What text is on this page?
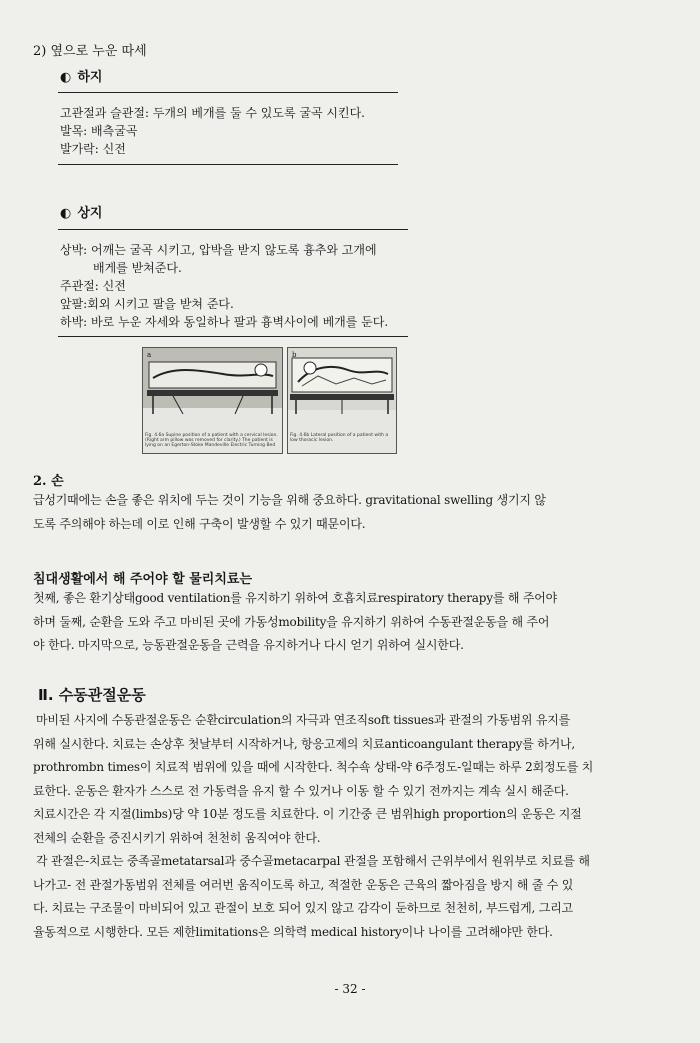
2) 옆으로 누운 따세

◐ 하지

고관절과 슬관절: 두개의 베개를 둘 수 있도록 굴곡 시킨다.

발목: 배측굴곡

발가락: 신전

◐ 상지

상박: 어깨는 굴곡 시키고, 압박을 받지 않도록 흉추와 고개에

배게를 받쳐준다.

주관절: 신전

앞팔:회외 시키고 팔을 받쳐 준다.

하박: 바로 누운 자세와 동일하나 팔과 흉벽사이에 베개를 둔다.

a
Fig. 4.6a Supine position of a patient with a cervical lesion. (Right arm pillow was removed for clarity.) The patient is lying on an Egerton-Stoke Mandeville Electric Turning Bed
b
Fig. 4.6b Lateral position of a patient with a low thoracic lesion.

2. 손

급성기때에는 손을 좋은 위치에 두는 것이 기능을 위해 중요하다. gravitational swelling 생기지 않

도록 주의해야 하는데 이로 인해 구축이 발생할 수 있기 때문이다.

침대생활에서 해 주어야 할 물리치료는

첫째, 좋은 환기상태good ventilation를 유지하기 위하여 호흡치료respiratory therapy를 해 주어야

하며 둘째, 순환을 도와 주고 마비된 곳에 가동성mobility을 유지하기 위하여 수동관절운동을 해 주어

야 한다. 마지막으로, 능동관절운동을 근력을 유지하거나 다시 얻기 위하여 실시한다.

Ⅱ. 수동관절운동

마비된 사지에 수동관절운동은 순환circulation의 자극과 연조직soft tissues과 관절의 가동범위 유지를

위해 실시한다. 치료는 손상후 첫날부터 시작하거나, 항응고제의 치료anticoangulant therapy를 하거나,

prothrombn times이 치료적 범위에 있을 때에 시작한다. 척수쇽 상태-약 6주정도-일때는 하루 2회정도를 치

료한다. 운동은 환자가 스스로 전 가동력을 유지 할 수 있거나 이동 할 수 있기 전까지는 계속 실시 해준다.

치료시간은 각 지절(limbs)당 약 10분 정도를 치료한다. 이 기간중 큰 범위high proportion의 운동은 지절

전체의 순환을 증진시키기 위하여 천천히 움직여야 한다.

각 관절은-치료는 중족골metatarsal과 중수골metacarpal 관절을 포함해서 근위부에서 원위부로 치료를 해

나가고- 전 관절가동범위 전체를 여러번 움직이도록 하고, 적절한 운동은 근육의 짧아짐을 방지 해 줄 수 있

다. 치료는 구조물이 마비되어 있고 관절이 보호 되어 있지 않고 감각이 둔하므로 천천히, 부드럽게, 그리고

율동적으로 시행한다. 모든 제한limitations은 의학력 medical history이나 나이를 고려해야만 한다.

- 32 -
